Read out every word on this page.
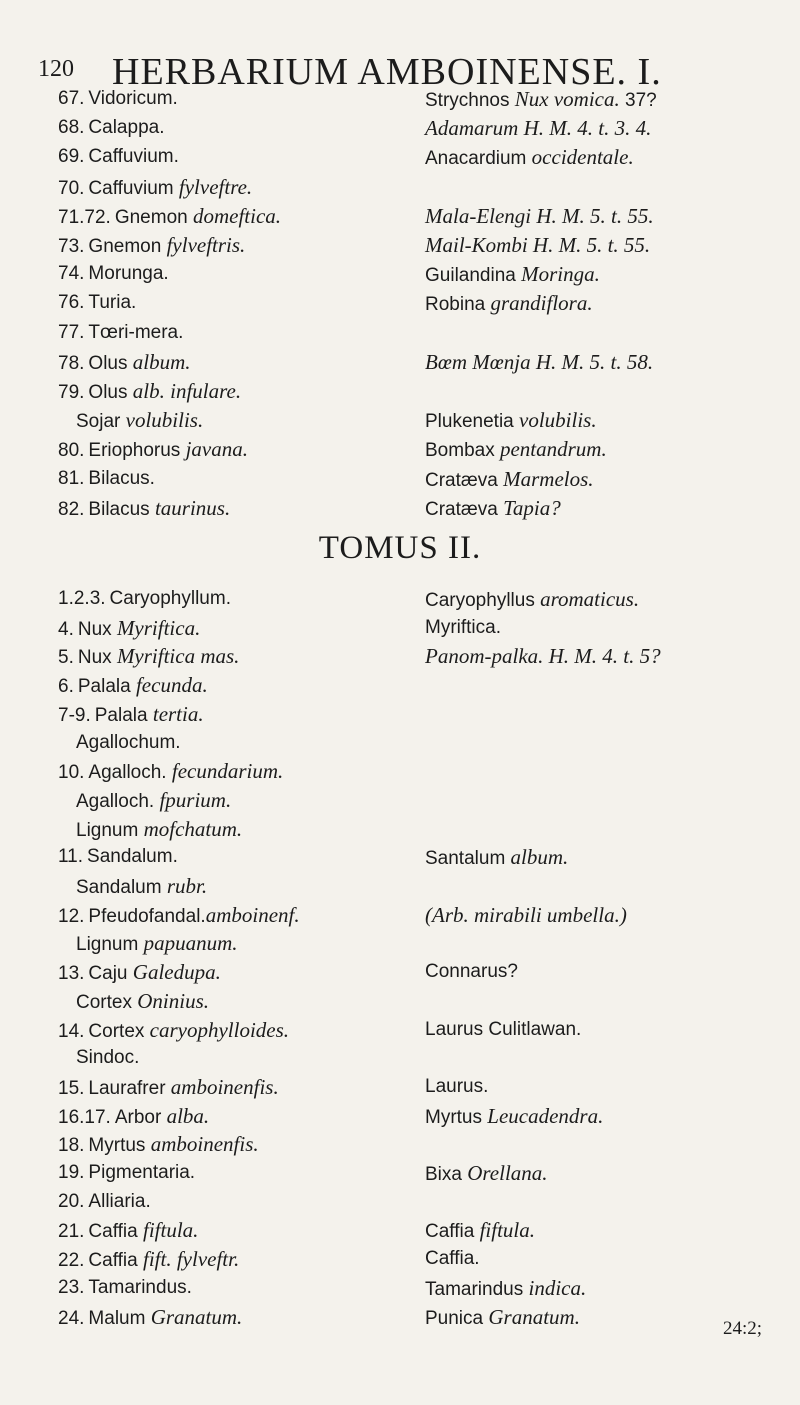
120 HERBARIUM AMBOINENSE. I.
67. Vidoricum.	Strychnos Nux vomica. 37?
68. Calappa.	Adamarum H. M. 4. t. 3. 4.
69. Caffuvium.	Anacardium occidentale.
70. Caffuvium fylveftre.
71.72. Gnemon domeftica.	Mala-Elengi H. M. 5. t. 55.
73. Gnemon fylveftris.	Mail-Kombi H. M. 5. t. 55.
74. Morunga.	Guilandina Moringa.
76. Turia.	Robina grandiflora.
77. Tœri-mera.
78. Olus album.	Bœm Mœnja H. M. 5. t. 58.
79. Olus alb. infulare.
Sojar volubilis.	Plukenetia volubilis.
80. Eriophorus javana.	Bombax pentandrum.
81. Bilacus.	Cratæva Marmelos.
82. Bilacus taurinus.	Cratæva Tapia?
TOMUS II.
1.2.3. Caryophyllum.	Caryophyllus aromaticus.
4. Nux Myriftica.	Myriftica.
5. Nux Myriftica mas.	Panom-palka. H. M. 4. t. 5?
6. Palala fecunda.
7-9. Palala tertia.
Agallochum.
10. Agalloch. fecundarium.
Agalloch. fpurium.
Lignum mofchatum.
11. Sandalum.	Santalum album.
Sandalum rubr.
12. Pfeudofandal.amboinenf.	(Arb. mirabili umbella.)
Lignum papuanum.
13. Caju Galedupa.	Connarus?
Cortex Oninius.
14. Cortex caryophylloides.	Laurus Culitlawan.
Sindoc.
15. Laurafrer amboinenfis.	Laurus.
16.17. Arbor alba.	Myrtus Leucadendra.
18. Myrtus amboinenfis.
19. Pigmentaria.	Bixa Orellana.
20. Alliaria.
21. Caffia fiftula.	Caffia fiftula.
22. Caffia fift. fylveftr.	Caffia.
23. Tamarindus.	Tamarindus indica.
24. Malum Granatum.	Punica Granatum.	24:2;
